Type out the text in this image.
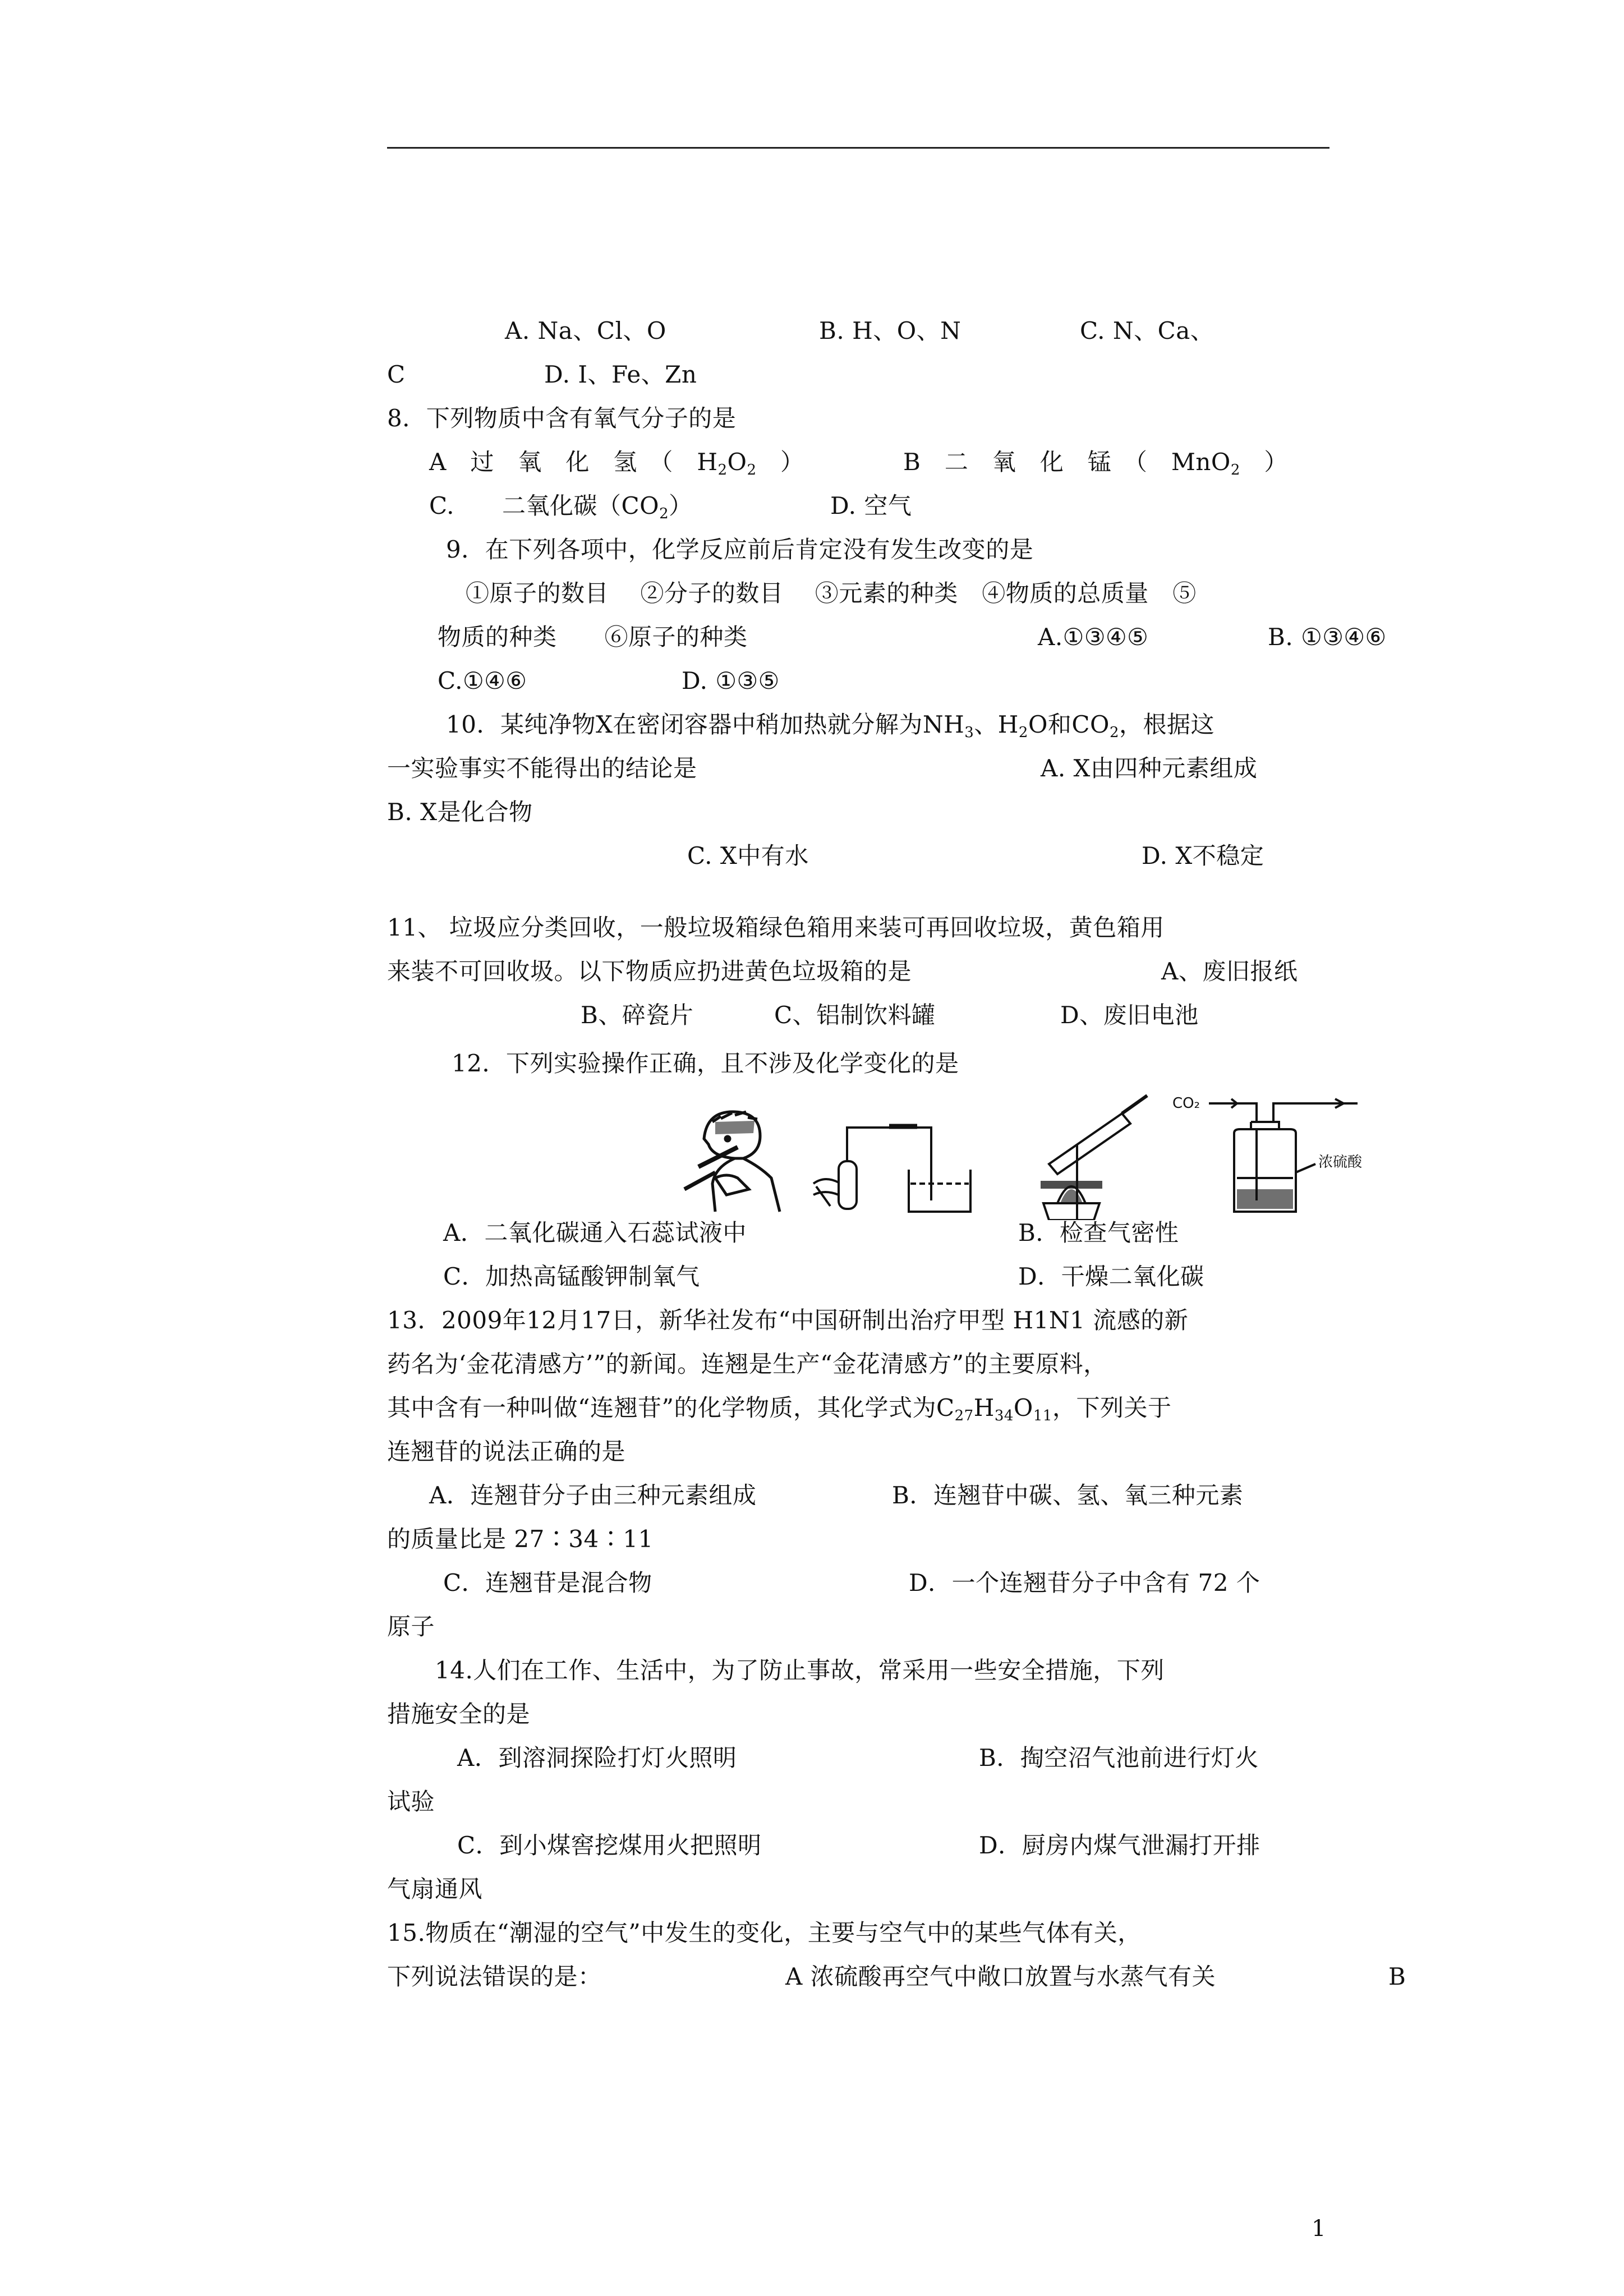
A. Na、Cl、O	B. H、O、N	C. N、Ca、
C	D. I、Fe、Zn
8．下列物质中含有氧气分子的是
A　过　氧　化　氢　（　$H_2O_2$　）	B　二　氧　化　锰　（　MnO$_2$　）
C.　　二氧化碳$(CO_2)$	D. 空气
9．在下列各项中，化学反应前后肯定没有发生改变的是
①原子的数目　 ②分子的数目　 ③元素的种类　④物质的总质量　⑤
物质的种类　　⑥原子的种类	A.①③④⑤	B. ①③④⑥
C.①④⑥	D. ①③⑤
10．某纯净物X在密闭容器中稍加热就分解为$NH_3$、$H_2O$和$CO_2$，根据这
一实验事实不能得出的结论是	A. X由四种元素组成
B. X是化合物
C. X中有水	D. X不稳定
11、 垃圾应分类回收，一般垃圾箱绿色箱用来装可再回收垃圾，黄色箱用
来装不可回收圾。以下物质应扔进黄色垃圾箱的是	A、废旧报纸
B、碎瓷片	C、铝制饮料罐	D、废旧电池
12．下列实验操作正确，且不涉及化学变化的是
CO₂
浓硫酸
A．二氧化碳通入石蕊试液中	B．检查气密性
C．加热高锰酸钾制氧气	D．干燥二氧化碳
13．2009年12月17日，新华社发布“中国研制出治疗甲型 H1N1 流感的新
药名为‘金花清感方’”的新闻。连翘是生产“金花清感方”的主要原料，
其中含有一种叫做“连翘苷”的化学物质，其化学式为$C_{27}H_{34}O_{11}$，下列关于
连翘苷的说法正确的是
A．连翘苷分子由三种元素组成	B．连翘苷中碳、氢、氧三种元素
的质量比是 27∶34∶11
C．连翘苷是混合物	D．一个连翘苷分子中含有 72 个
原子
14.人们在工作、生活中，为了防止事故，常采用一些安全措施，下列
措施安全的是
A．到溶洞探险打灯火照明	B．掏空沼气池前进行灯火
试验
C．到小煤窖挖煤用火把照明	D．厨房内煤气泄漏打开排
气扇通风
15.物质在“潮湿的空气”中发生的变化，主要与空气中的某些气体有关，
下列说法错误的是：	A 浓硫酸再空气中敞口放置与水蒸气有关	B
1
